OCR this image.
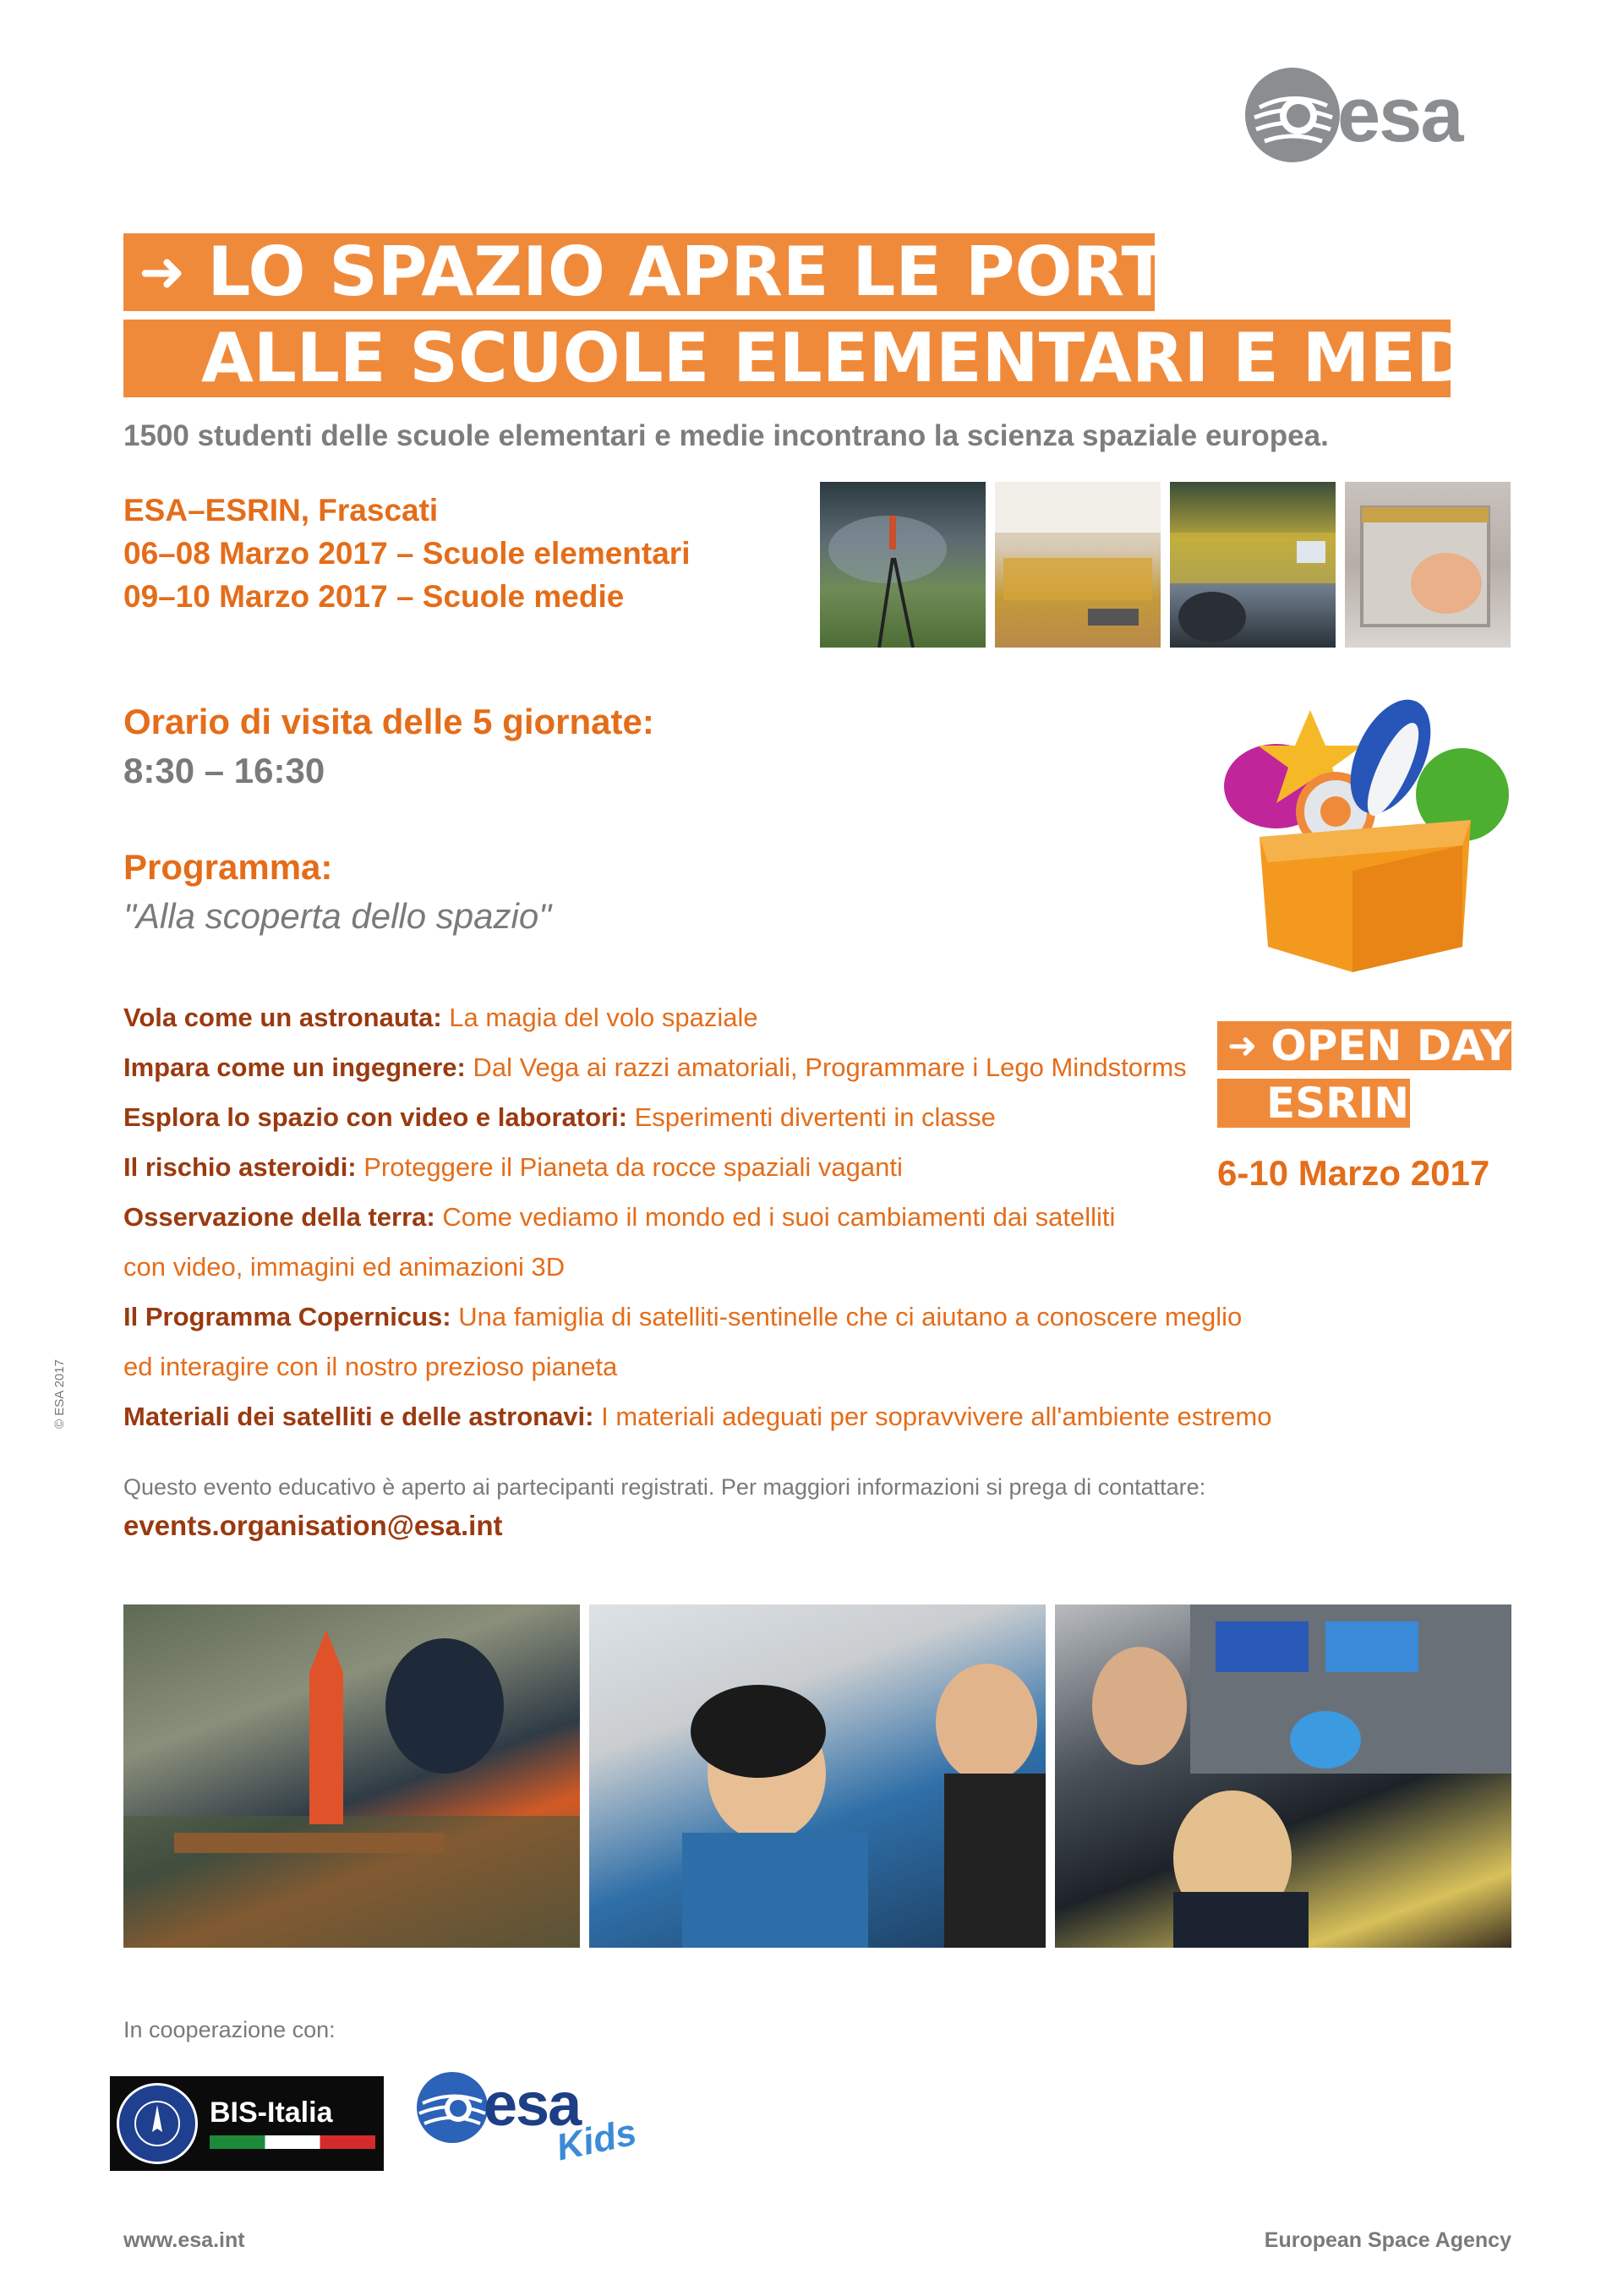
esa
➜ LO SPAZIO APRE LE PORTE
ALLE SCUOLE ELEMENTARI E MEDIE
1500 studenti delle scuole elementari e medie incontrano la scienza spaziale europea.
ESA–ESRIN, Frascati
06–08 Marzo 2017 – Scuole elementari
09–10 Marzo 2017 – Scuole medie
Orario di visita delle 5 giornate:
8:30 – 16:30
Programma:
"Alla scoperta dello spazio"
Vola come un astronauta: La magia del volo spaziale
Impara come un ingegnere: Dal Vega ai razzi amatoriali, Programmare i Lego Mindstorms
Esplora lo spazio con video e laboratori: Esperimenti divertenti in classe
Il rischio asteroidi: Proteggere il Pianeta da rocce spaziali vaganti
Osservazione della terra: Come vediamo il mondo ed i suoi cambiamenti dai satelliti
con video, immagini ed animazioni 3D
Il Programma Copernicus: Una famiglia di satelliti-sentinelle che ci aiutano a conoscere meglio
ed interagire con il nostro prezioso pianeta
Materiali dei satelliti e delle astronavi: I materiali adeguati per sopravvivere all'ambiente estremo
➜ OPEN DAYS
ESRIN
6-10 Marzo 2017
© ESA 2017
Questo evento educativo è aperto ai partecipanti registrati. Per maggiori informazioni si prega di contattare:
events.organisation@esa.int
In cooperazione con:
BIS-Italia	esa
Kids
www.esa.int	European Space Agency
